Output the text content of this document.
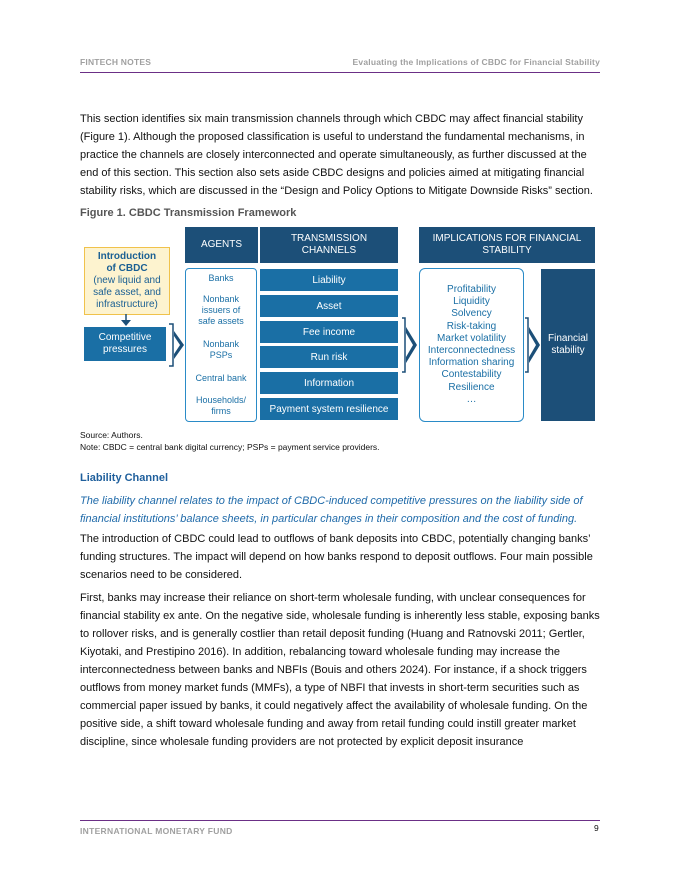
FINTECH NOTES	Evaluating the Implications of CBDC for Financial Stability

This section identifies six main transmission channels through which CBDC may affect financial stability (Figure 1). Although the proposed classification is useful to understand the fundamental mechanisms, in practice the channels are closely interconnected and operate simultaneously, as further discussed at the end of this section. This section also sets aside CBDC designs and policies aimed at mitigating financial stability risks, which are discussed in the “Design and Policy Options to Mitigate Downside Risks” section.

Figure 1. CBDC Transmission Framework
Introduction
of CBDC
(new liquid and
safe asset, and
infrastructure)
Competitive pressures
AGENTS
Banks
Nonbank issuers of safe assets
Nonbank PSPs
Central bank
Households/ firms
TRANSMISSION CHANNELS
Liability
Asset
Fee income
Run risk
Information
Payment system resilience
IMPLICATIONS FOR FINANCIAL STABILITY
Profitability
Liquidity
Solvency
Risk-taking
Market volatility
Interconnectedness
Information sharing
Contestability
Resilience
…
Financial stability
Source: Authors.
Note: CBDC = central bank digital currency; PSPs = payment service providers.
Liability Channel

The liability channel relates to the impact of CBDC-induced competitive pressures on the liability side of financial institutions’ balance sheets, in particular changes in their composition and the cost of funding.

The introduction of CBDC could lead to outflows of bank deposits into CBDC, potentially changing banks’ funding structures. The impact will depend on how banks respond to deposit outflows. Four main possible scenarios need to be considered.

First, banks may increase their reliance on short-term wholesale funding, with unclear consequences for financial stability ex ante. On the negative side, wholesale funding is inherently less stable, exposing banks to rollover risks, and is generally costlier than retail deposit funding (Huang and Ratnovski 2011; Gertler, Kiyotaki, and Prestipino 2016). In addition, rebalancing toward wholesale funding may increase the interconnectedness between banks and NBFIs (Bouis and others 2024). For instance, if a shock triggers outflows from money market funds (MMFs), a type of NBFI that invests in short-term securities such as commercial paper issued by banks, it could negatively affect the availability of wholesale funding. On the positive side, a shift toward wholesale funding and away from retail funding could instill greater market discipline, since wholesale funding providers are not protected by explicit deposit insurance

INTERNATIONAL MONETARY FUND	9
